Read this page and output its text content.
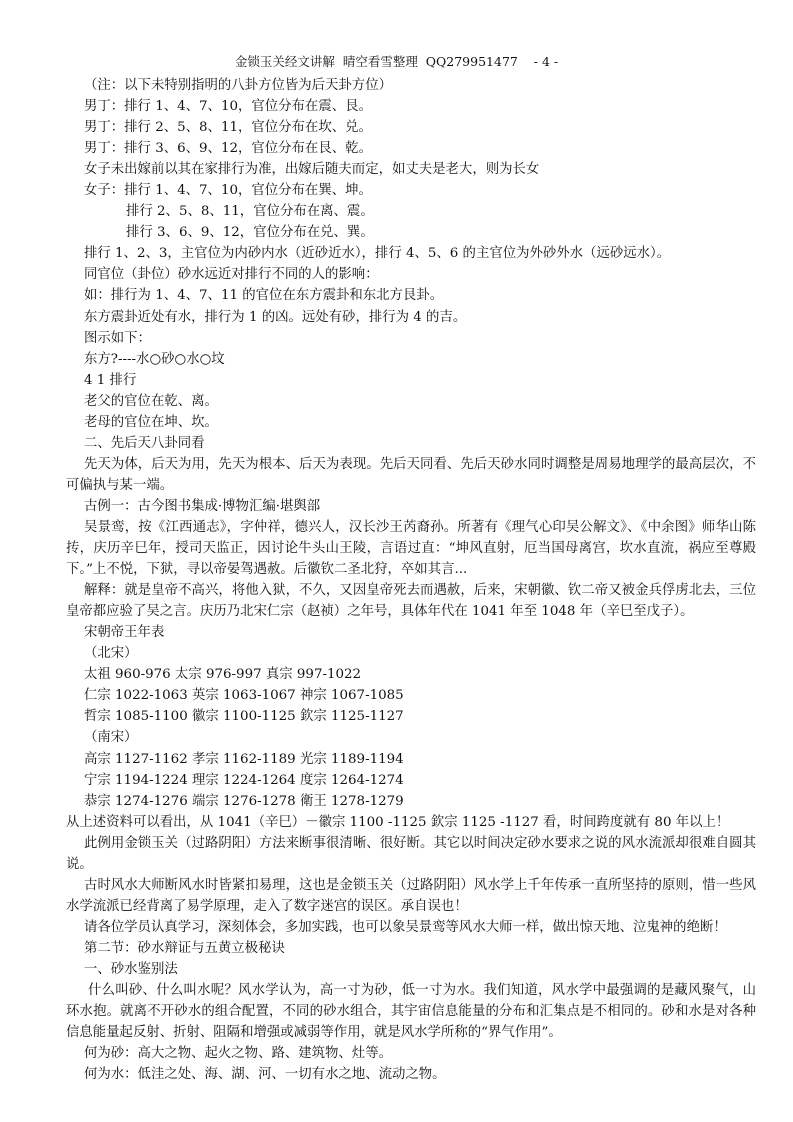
金锁玉关经文讲解  晴空看雪整理  QQ279951477    - 4 -
（注：以下未特别指明的八卦方位皆为后天卦方位）
男丁：排行 1、4、7、10，官位分布在震、艮。
男丁：排行 2、5、8、11，官位分布在坎、兑。
男丁：排行 3、6、9、12，官位分布在艮、乾。
女子未出嫁前以其在家排行为准，出嫁后随夫而定，如丈夫是老大，则为长女
女子：排行 1、4、7、10，官位分布在巽、坤。
排行 2、5、8、11，官位分布在离、震。
排行 3、6、9、12，官位分布在兑、巽。
排行 1、2、3，主官位为内砂内水（近砂近水），排行 4、5、6 的主官位为外砂外水（远砂远水）。
同官位（卦位）砂水远近对排行不同的人的影响：
如：排行为 1、4、7、11 的官位在东方震卦和东北方艮卦。
东方震卦近处有水，排行为 1 的凶。远处有砂，排行为 4 的吉。
图示如下：
东方?----水○砂○水○坟
4 1 排行
老父的官位在乾、离。
老母的官位在坤、坎。
二、先后天八卦同看
先天为体，后天为用，先天为根本、后天为表现。先后天同看、先后天砂水同时调整是周易地理学的最高层次，不可偏执与某一端。
古例一：古今图书集成·博物汇编·堪舆部
吴景鸾，按《江西通志》，字仲祥，德兴人，汉长沙王芮裔孙。所著有《理气心印吴公解文》、《中余图》师华山陈抟，庆历辛巳年，授司天监正，因讨论牛头山王陵，言语过直：“坤风直射，厄当国母离宫，坎水直流，祸应至尊殿下。”上不悦，下狱，寻以帝晏驾遇赦。后徽钦二圣北狩，卒如其言...
解释：就是皇帝不高兴，将他入狱，不久，又因皇帝死去而遇赦，后来，宋朝徽、钦二帝又被金兵俘虏北去，三位皇帝都应验了吴之言。庆历乃北宋仁宗（赵祯）之年号，具体年代在 1041 年至 1048 年（辛巳至戊子）。
宋朝帝王年表
（北宋）
太祖 960-976 太宗 976-997 真宗 997-1022
仁宗 1022-1063 英宗 1063-1067 神宗 1067-1085
哲宗 1085-1100 徽宗 1100-1125 欽宗 1125-1127
（南宋）
高宗 1127-1162 孝宗 1162-1189 光宗 1189-1194
宁宗 1194-1224 理宗 1224-1264 度宗 1264-1274
恭宗 1274-1276 端宗 1276-1278 衛王 1278-1279
从上述资料可以看出，从 1041（辛巳）－徽宗 1100 -1125 欽宗 1125 -1127 看，时间跨度就有 80 年以上！
此例用金锁玉关（过路阴阳）方法来断事很清晰、很好断。其它以时间决定砂水要求之说的风水流派却很难自圆其说。
古时风水大师断风水时皆紧扣易理，这也是金锁玉关（过路阴阳）风水学上千年传承一直所坚持的原则，惜一些风水学流派已经背离了易学原理，走入了数字迷宫的误区。承自误也！
请各位学员认真学习，深刻体会，多加实践，也可以象吴景鸾等风水大师一样，做出惊天地、泣鬼神的绝断！
第二节：砂水辩证与五黄立极秘诀
一、砂水鉴别法
什么叫砂、什么叫水呢？风水学认为，高一寸为砂，低一寸为水。我们知道，风水学中最强调的是藏风聚气，山环水抱。就离不开砂水的组合配置，不同的砂水组合，其宇宙信息能量的分布和汇集点是不相同的。砂和水是对各种信息能量起反射、折射、阻隔和增强或减弱等作用，就是风水学所称的“界气作用”。
何为砂：高大之物、起火之物、路、建筑物、灶等。
何为水：低洼之处、海、湖、河、一切有水之地、流动之物。
